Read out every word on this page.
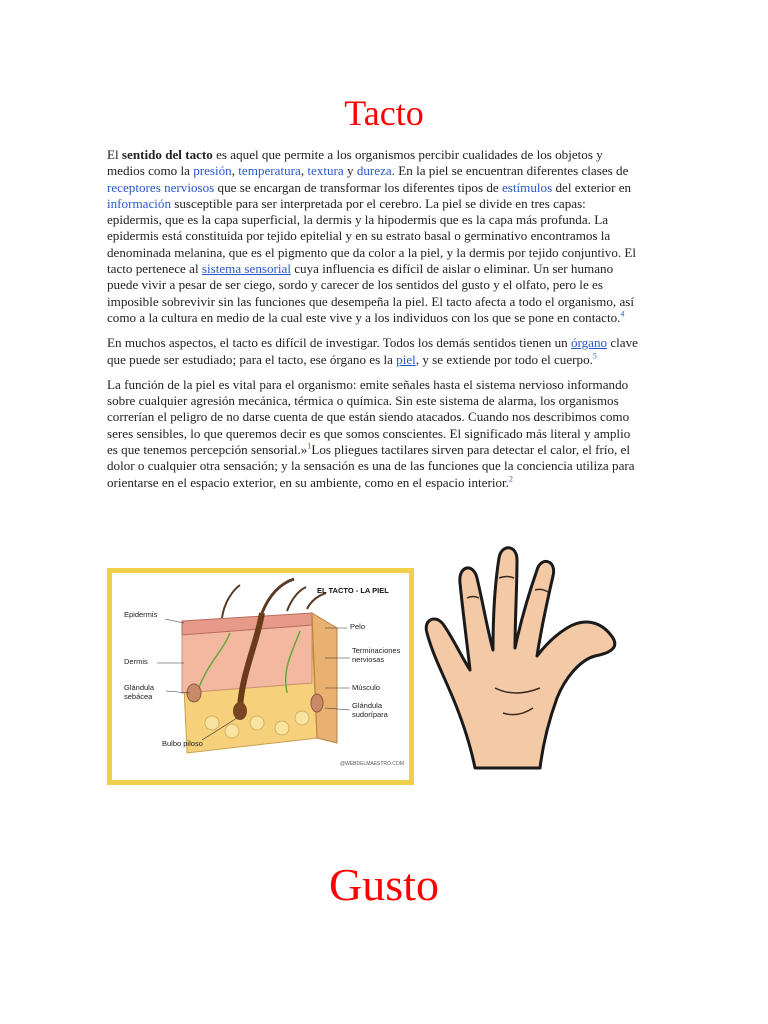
Tacto

El sentido del tacto es aquel que permite a los organismos percibir cualidades de los objetos y medios como la presión, temperatura, textura y dureza. En la piel se encuentran diferentes clases de receptores nerviosos que se encargan de transformar los diferentes tipos de estímulos del exterior en información susceptible para ser interpretada por el cerebro. La piel se divide en tres capas: epidermis, que es la capa superficial, la dermis y la hipodermis que es la capa más profunda. La epidermis está constituida por tejido epitelial y en su estrato basal o germinativo encontramos la denominada melanina, que es el pigmento que da color a la piel, y la dermis por tejido conjuntivo. El tacto pertenece al sistema sensorial cuya influencia es difícil de aislar o eliminar. Un ser humano puede vivir a pesar de ser ciego, sordo y carecer de los sentidos del gusto y el olfato, pero le es imposible sobrevivir sin las funciones que desempeña la piel. El tacto afecta a todo el organismo, así como a la cultura en medio de la cual este vive y a los individuos con los que se pone en contacto.$^4$

En muchos aspectos, el tacto es difícil de investigar. Todos los demás sentidos tienen un órgano clave que puede ser estudiado; para el tacto, ese órgano es la piel, y se extiende por todo el cuerpo.$^5$

La función de la piel es vital para el organismo: emite señales hasta el sistema nervioso informando sobre cualquier agresión mecánica, térmica o química. Sin este sistema de alarma, los organismos correrían el peligro de no darse cuenta de que están siendo atacados. Cuando nos describimos como seres sensibles, lo que queremos decir es que somos conscientes. El significado más literal y amplio es que tenemos percepción sensorial.»$^1$Los pliegues tactilares sirven para detectar el calor, el frío, el dolor o cualquier otra sensación; y la sensación es una de las funciones que la conciencia utiliza para orientarse en el espacio exterior, en su ambiente, como en el espacio interior.$^2$

EL TACTO - LA PIEL
Epidermis
Dermis
Glándula
sebácea
Bulbo piloso
Pelo
Terminaciones
nerviosas
Músculo
Glándula
sudorípara
@WEBDELMAESTRO.COM
Gusto
